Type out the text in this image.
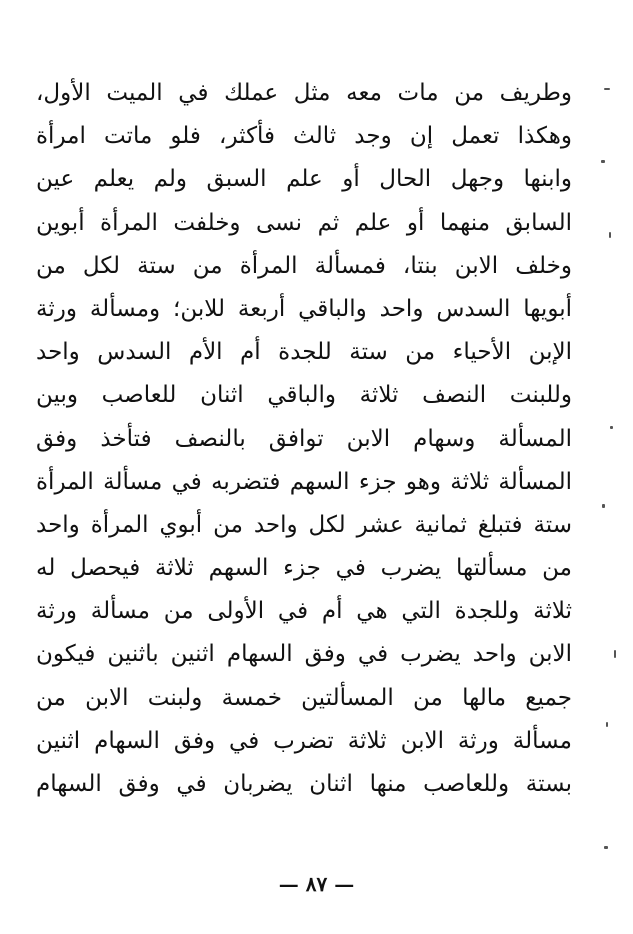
وطريف من مات معه مثل عملك في الميت الأول،
وهكذا تعمل إن وجد ثالث فأكثر، فلو ماتت امرأة
وابنها وجهل الحال أو علم السبق ولم يعلم عين
السابق منهما أو علم ثم نسى وخلفت المرأة أبوين
وخلف الابن بنتا، فمسألة المرأة من ستة لكل من
أبويها السدس واحد والباقي أربعة للابن؛ ومسألة ورثة
الإبن الأحياء من ستة للجدة أم الأم السدس واحد
وللبنت النصف ثلاثة والباقي اثنان للعاصب وبين
المسألة وسهام الابن توافق بالنصف فتأخذ وفق
المسألة ثلاثة وهو جزء السهم فتضربه في مسألة المرأة
ستة فتبلغ ثمانية عشر لكل واحد من أبوي المرأة واحد
من مسألتها يضرب في جزء السهم ثلاثة فيحصل له
ثلاثة وللجدة التي هي أم في الأولى من مسألة ورثة
الابن واحد يضرب في وفق السهام اثنين باثنين فيكون
جميع مالها من المسألتين خمسة ولبنت الابن من
مسألة ورثة الابن ثلاثة تضرب في وفق السهام اثنين
بستة وللعاصب منها اثنان يضربان في وفق السهام
— ٨٧ —
